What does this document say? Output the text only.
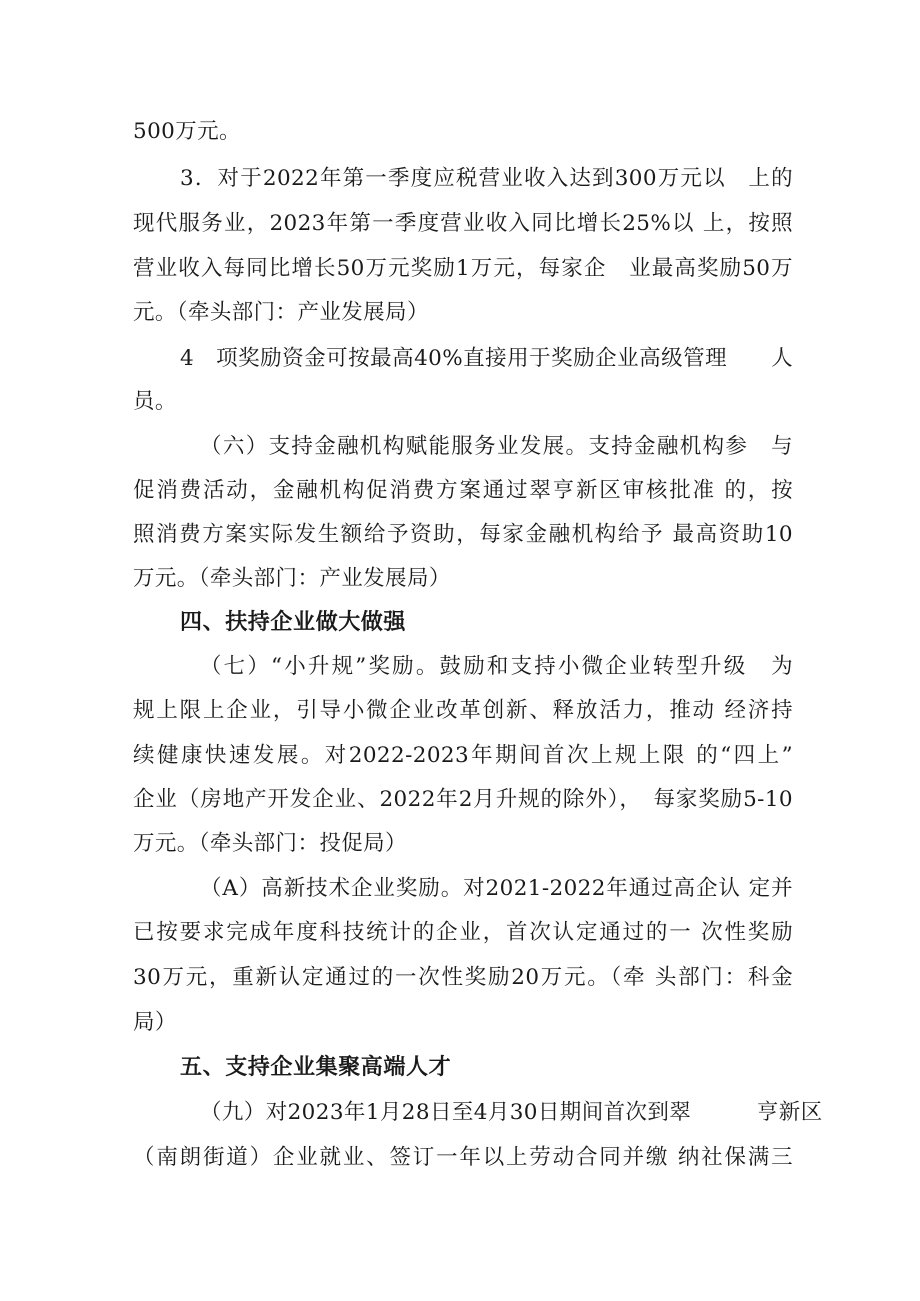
500万元。
3．对于2022年第一季度应税营业收入达到300万元以　上的
现代服务业，2023年第一季度营业收入同比增长25%以 上，按照
营业收入每同比增长50万元奖励1万元，每家企　业最高奖励50万
元。（牵头部门：产业发展局）
4　项奖励资金可按最高40%直接用于奖励企业高级管理　　人
员。
（六）支持金融机构赋能服务业发展。支持金融机构参　与
促消费活动，金融机构促消费方案通过翠亨新区审核批准 的，按
照消费方案实际发生额给予资助，每家金融机构给予 最高资助10
万元。（牵头部门：产业发展局）
四、扶持企业做大做强
（七）“小升规”奖励。鼓励和支持小微企业转型升级　为
规上限上企业，引导小微企业改革创新、释放活力，推动 经济持
续健康快速发展。对2022-2023年期间首次上规上限 的“四上”
企业（房地产开发企业、2022年2月升规的除外），　每家奖励5-10
万元。（牵头部门：投促局）
（A）高新技术企业奖励。对2021-2022年通过高企认 定并
已按要求完成年度科技统计的企业，首次认定通过的一 次性奖励
30万元，重新认定通过的一次性奖励20万元。（牵 头部门：科金
局）
五、支持企业集聚高端人才
（九）对2023年1月28日至4月30日期间首次到翠　　　亨新区
（南朗街道）企业就业、签订一年以上劳动合同并缴 纳社保满三
